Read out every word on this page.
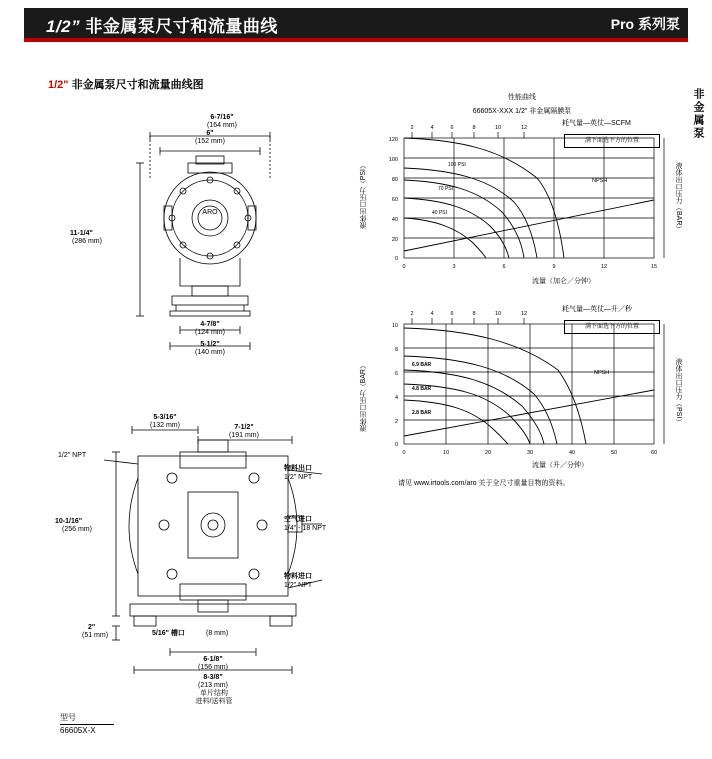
1/2” 非金属泵尺寸和流量曲线	Pro 系列泵
1/2" 非金属泵尺寸和流量曲线图
非金属泵
ARO
6-7/16"
(164 mm)
6"
(152 mm)
11-1/4"
(286 mm)
4-7/8"
(124 mm)
5-1/2"
(140 mm)
5-3/16"
(132 mm)	7-1/2"
(191 mm)
10-1/16"
(256 mm)
2"
(51 mm)
6-1/8"
(156 mm)
8-3/8"
(213 mm)
5/16" 槽口	(8 mm)
1/2" NPT
物料出口
1/2" NPT
空气进口
1/4" - 18 NPT
物料进口
1/2" NPT
单片结构
进料/送料管
性能曲线
66605X-XXX 1/2" 非金属隔膜泵
耗气量—英仗—SCFM
满下面选下方的位置
120
100
80
60
40
20
0
0	3	6	9	12	15
2	4	6	8	10	12
100 PSI
70 PSI
40 PSI
NPSH
液体出口压力（PSI）
流量（加仑／分钟）
液体出口压力（BAR）
耗气量—英仗—升／秒
满下面选下方的位置
10
8
6
4
2
0
0	10	20	30	40	50	60
2	4	6	8	10	12
6.9 BAR
4.8 BAR
2.8 BAR
NPSH
液体出口压力（BAR）
流量（升／分钟）
液体出口压力（PSI）
请见 www.irtools.com/aro 关于全尺寸重量目物的资料。
型号
66605X-X
